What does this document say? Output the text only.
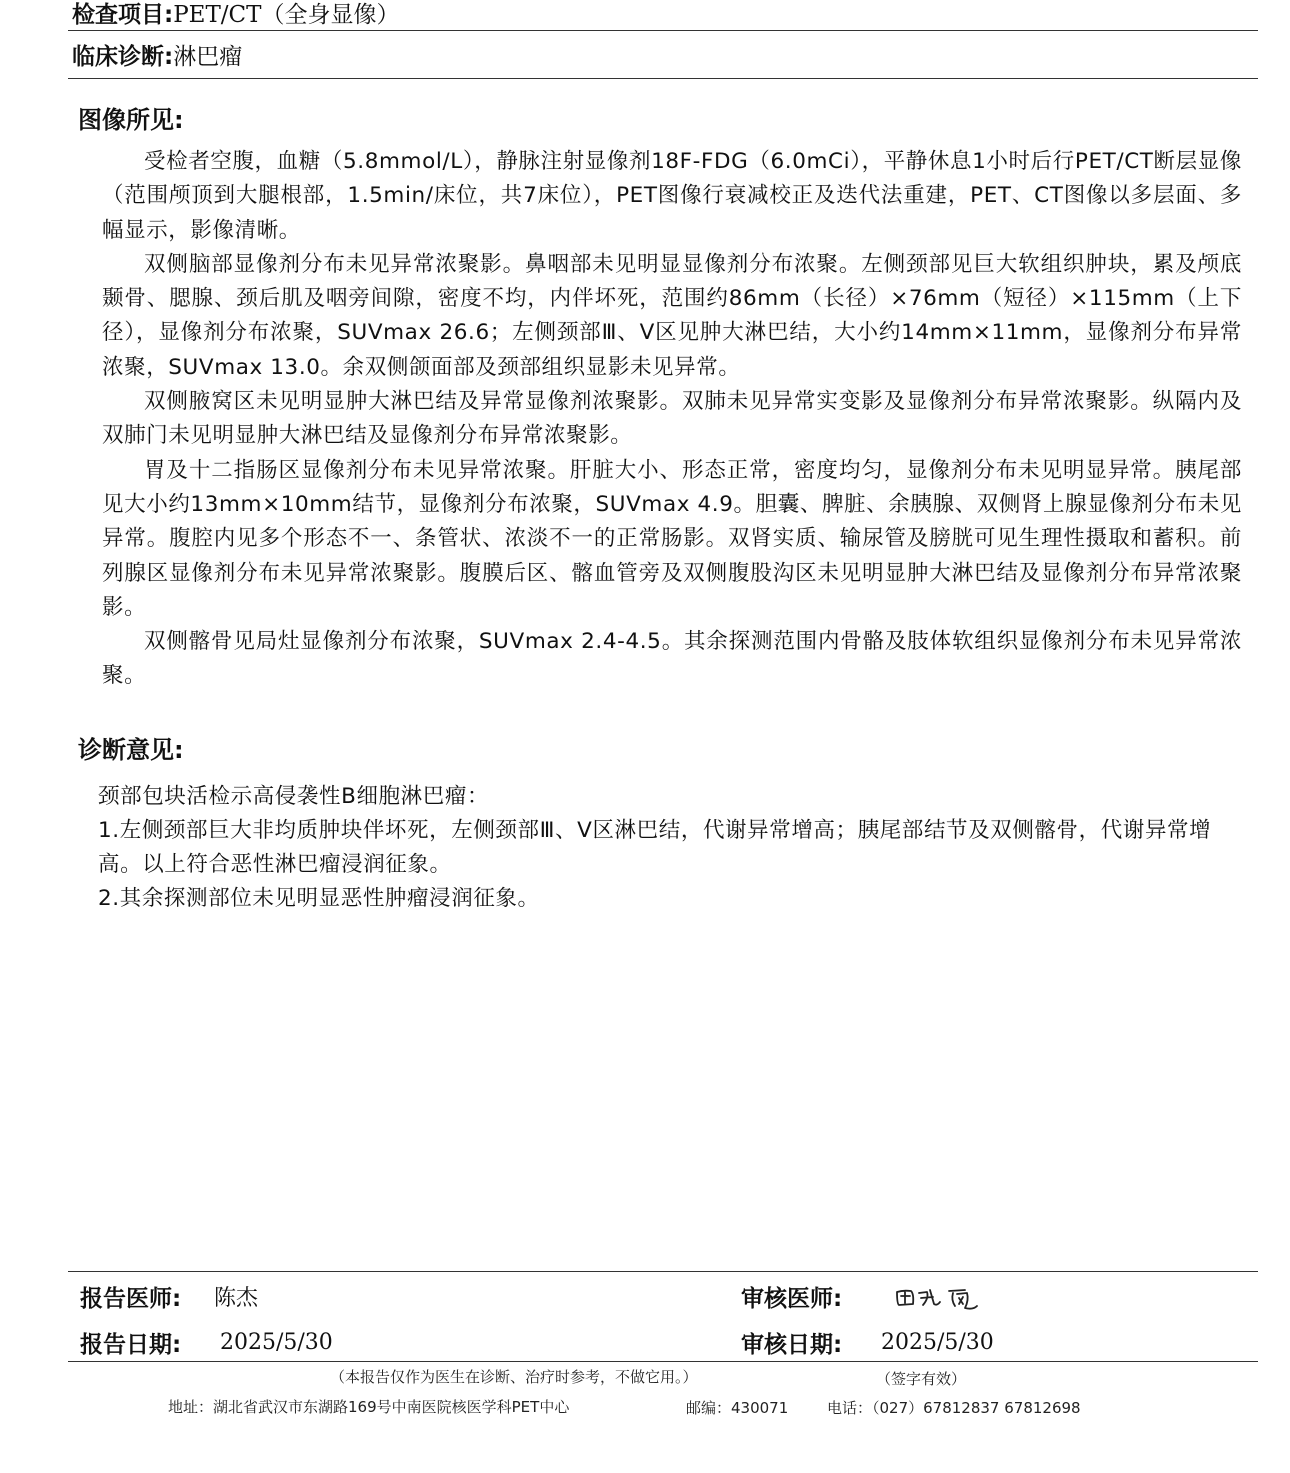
检查项目:PET/CT（全身显像）
临床诊断:淋巴瘤
图像所见:

受检者空腹，血糖（5.8mmol/L），静脉注射显像剂18F-FDG（6.0mCi），平静休息1小时后行PET/CT断层显像（范围颅顶到大腿根部，1.5min/床位，共7床位），PET图像行衰减校正及迭代法重建，PET、CT图像以多层面、多幅显示，影像清晰。

双侧脑部显像剂分布未见异常浓聚影。鼻咽部未见明显显像剂分布浓聚。左侧颈部见巨大软组织肿块，累及颅底颞骨、腮腺、颈后肌及咽旁间隙，密度不均，内伴坏死，范围约86mm（长径）×76mm（短径）×115mm（上下径），显像剂分布浓聚，SUVmax 26.6；左侧颈部Ⅲ、Ⅴ区见肿大淋巴结，大小约14mm×11mm，显像剂分布异常浓聚，SUVmax 13.0。余双侧颌面部及颈部组织显影未见异常。

双侧腋窝区未见明显肿大淋巴结及异常显像剂浓聚影。双肺未见异常实变影及显像剂分布异常浓聚影。纵隔内及双肺门未见明显肿大淋巴结及显像剂分布异常浓聚影。

胃及十二指肠区显像剂分布未见异常浓聚。肝脏大小、形态正常，密度均匀，显像剂分布未见明显异常。胰尾部见大小约13mm×10mm结节，显像剂分布浓聚，SUVmax 4.9。胆囊、脾脏、余胰腺、双侧肾上腺显像剂分布未见异常。腹腔内见多个形态不一、条管状、浓淡不一的正常肠影。双肾实质、输尿管及膀胱可见生理性摄取和蓄积。前列腺区显像剂分布未见异常浓聚影。腹膜后区、髂血管旁及双侧腹股沟区未见明显肿大淋巴结及显像剂分布异常浓聚影。

双侧髂骨见局灶显像剂分布浓聚，SUVmax 2.4-4.5。其余探测范围内骨骼及肢体软组织显像剂分布未见异常浓聚。

诊断意见:

颈部包块活检示高侵袭性B细胞淋巴瘤：

1.左侧颈部巨大非均质肿块伴坏死，左侧颈部Ⅲ、Ⅴ区淋巴结，代谢异常增高；胰尾部结节及双侧髂骨，代谢异常增高。以上符合恶性淋巴瘤浸润征象。

2.其余探测部位未见明显恶性肿瘤浸润征象。

报告医师: 陈杰	审核医师:
报告日期: 2025/5/30	审核日期: 2025/5/30
（本报告仅作为医生在诊断、治疗时参考，不做它用。）	（签字有效）
地址：湖北省武汉市东湖路169号中南医院核医学科PET中心	邮编：430071	电话：（027）67812837 67812698
